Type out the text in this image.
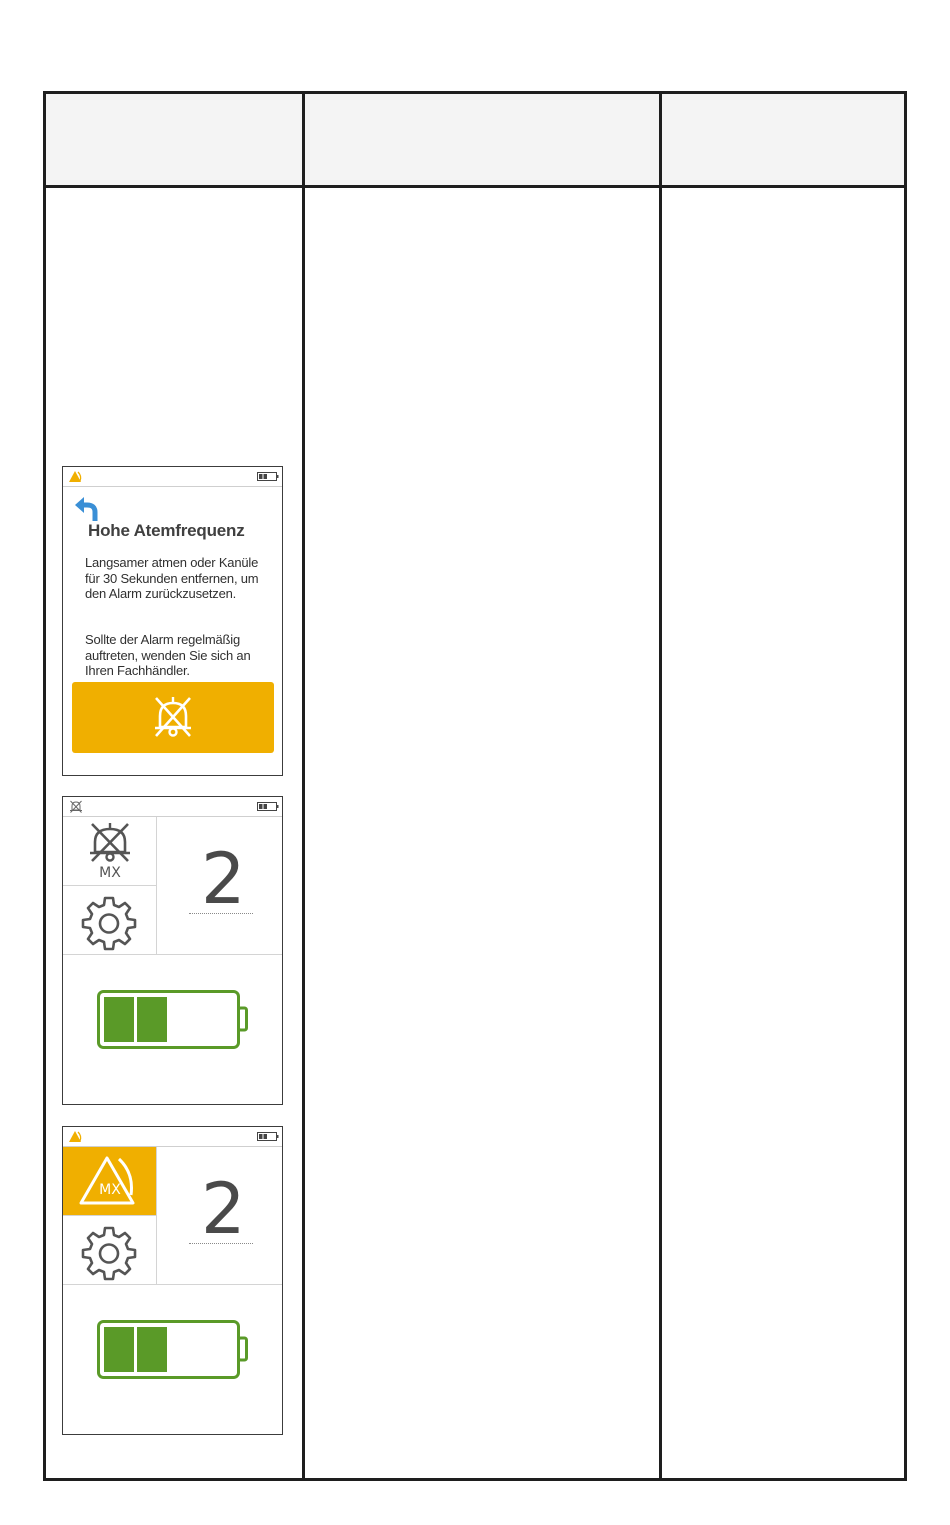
Hohe Atemfrequenz
Langsamer atmen oder Kanüle für 30 Sekunden entfernen, um den Alarm zurückzusetzen.
Sollte der Alarm regelmäßig auftreten, wenden Sie sich an Ihren Fachhändler.
MX	2
MX	2
